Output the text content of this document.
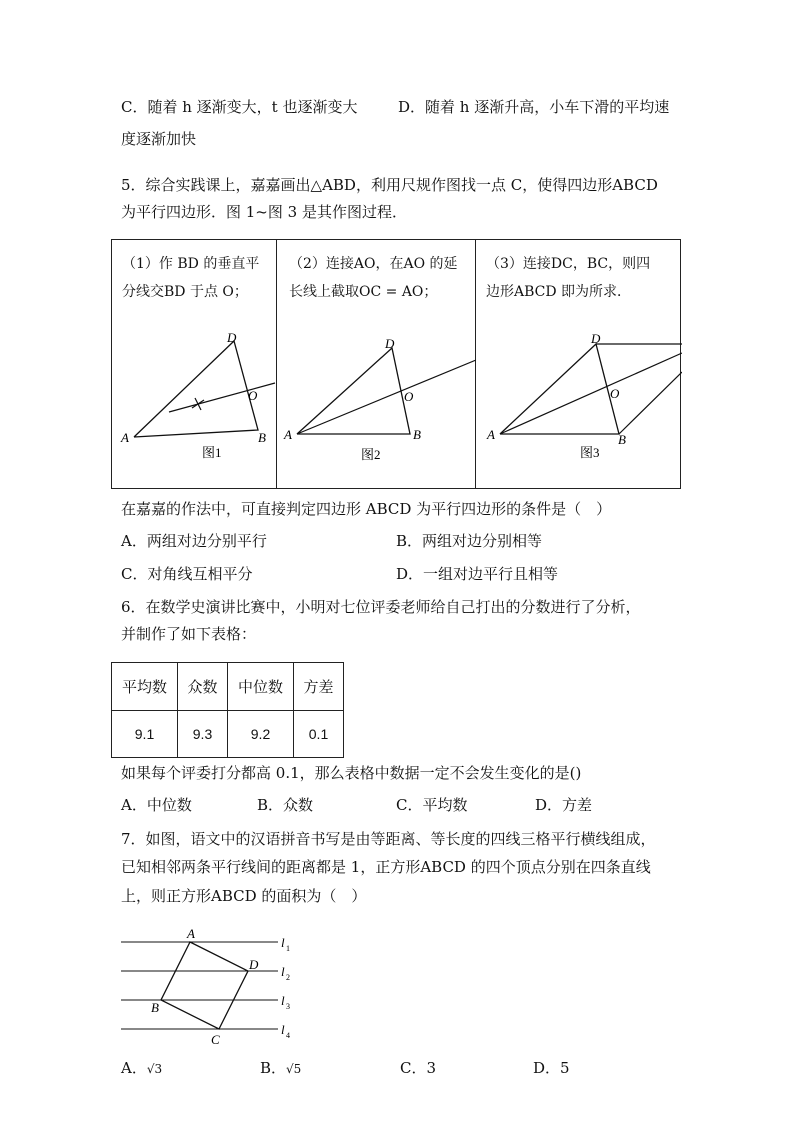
C．随着 h 逐渐变大，t 也逐渐变大	D．随着 h 逐渐升高，小车下滑的平均速
度逐渐加快
5．综合实践课上，嘉嘉画出△ABD，利用尺规作图找一点 C，使得四边形ABCD
为平行四边形．图 1~图 3 是其作图过程．
（1）作 BD 的垂直平
分线交BD 于点 O；
D
O
A	B
图1
（2）连接AO，在AO 的延
长线上截取OC = AO；
D
O
A	B
图2
（3）连接DC，BC，则四
边形ABCD 即为所求．
D
O
A	B
图3
在嘉嘉的作法中，可直接判定四边形 ABCD 为平行四边形的条件是（　）
A．两组对边分别平行	B．两组对边分别相等
C．对角线互相平分	D．一组对边平行且相等
6．在数学史演讲比赛中，小明对七位评委老师给自己打出的分数进行了分析，
并制作了如下表格：
平均数	众数	中位数	方差
9.1	9.3	9.2	0.1
如果每个评委打分都高 0.1，那么表格中数据一定不会发生变化的是()
A．中位数	B．众数	C．平均数	D．方差
7．如图，语文中的汉语拼音书写是由等距离、等长度的四线三格平行横线组成，
已知相邻两条平行线间的距离都是 1，正方形ABCD 的四个顶点分别在四条直线
上，则正方形ABCD 的面积为（　）
A
D
B
C
l 1
l 2
l 3
l 4
A．√3	B．√5	C．3	D．5
